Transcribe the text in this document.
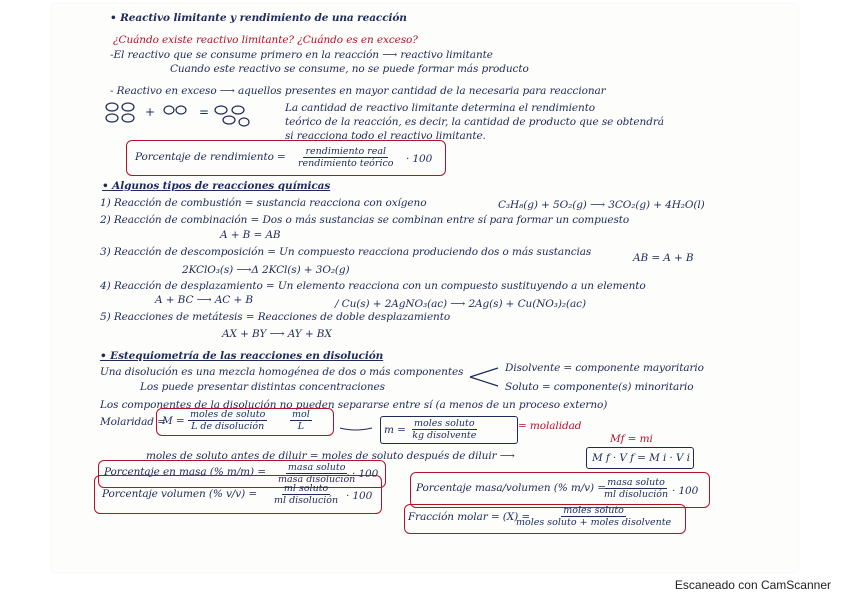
+	=
• Reactivo limitante y rendimiento de una reacción
¿Cuándo existe reactivo limitante? ¿Cuándo es en exceso?
-El reactivo que se consume primero en la reacción ⟶ reactivo limitante
Cuando este reactivo se consume, no se puede formar más producto
- Reactivo en exceso ⟶ aquellos presentes en mayor cantidad de la necesaria para reaccionar
La cantidad de reactivo limitante determina el rendimiento
teórico de la reacción, es decir, la cantidad de producto que se obtendrá
si reacciona todo el reactivo limitante.
Porcentaje de rendimiento = rendimiento real
rendimiento teórico · 100
• Algunos tipos de reacciones químicas
1) Reacción de combustión = sustancia reacciona con oxígeno	C₃H₈(g) + 5O₂(g) ⟶ 3CO₂(g) + 4H₂O(l)
2) Reacción de combinación = Dos o más sustancias se combinan entre sí para formar un compuesto
A + B = AB
3) Reacción de descomposición = Un compuesto reacciona produciendo dos o más sustancias	AB = A + B
2KClO₃(s) ⟶Δ 2KCl(s) + 3O₂(g)
4) Reacción de desplazamiento = Un elemento reacciona con un compuesto sustituyendo a un elemento
A + BC ⟶ AC + B	/ Cu(s) + 2AgNO₃(ac) ⟶ 2Ag(s) + Cu(NO₃)₂(ac)
5) Reacciones de metátesis = Reacciones de doble desplazamiento
AX + BY ⟶ AY + BX
• Estequiometría de las reacciones en disolución
Una disolución es una mezcla homogénea de dos o más componentes	Disolvente = componente mayoritario
Soluto = componente(s) minoritario
Los puede presentar distintas concentraciones
Los componentes de la disolución no pueden separarse entre sí (a menos de un proceso externo)
Molaridad =
M =
moles de soluto
L de disolución
mol
L	m =
moles soluto
kg disolvente
= molalidad
Mf = mi
moles de soluto antes de diluir = moles de soluto después de diluir ⟶	M f · V f = M i · V i
Porcentaje en masa (% m/m) = masa soluto
masa disolución
· 100
Porcentaje volumen (% v/v) =	ml soluto
ml disolución · 100
Porcentaje masa/volumen (% m/v) = masa soluto
ml disolución · 100
Fracción molar = (X) =
moles soluto
moles soluto + moles disolvente
Escaneado con CamScanner
